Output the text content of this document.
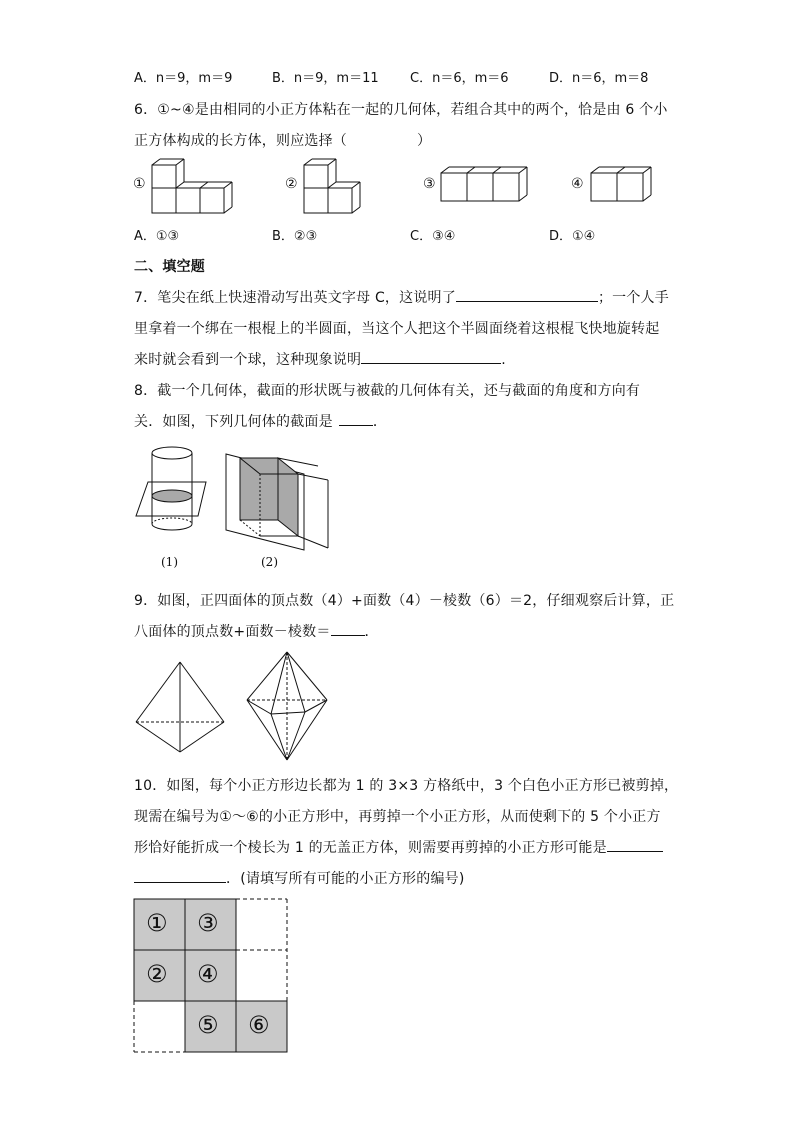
A．n＝9，m＝9	B．n＝9，m＝11 C．n＝6，m＝6	D．n＝6，m＝8
6．①~④是由相同的小正方体粘在一起的几何体，若组合其中的两个，恰是由 6 个小
正方体构成的长方体，则应选择（	）
①	②	③	④
A．①③	B．②③	C．③④	D．①④
二、填空题
7．笔尖在纸上快速滑动写出英文字母 C，这说明了	；一个人手
里拿着一个绑在一根棍上的半圆面，当这个人把这个半圆面绕着这根棍飞快地旋转起
来时就会看到一个球，这种现象说明	.
8．截一个几何体，截面的形状既与被截的几何体有关，还与截面的角度和方向有
关．如图，下列几何体的截面是	．
(1)	(2)
9．如图，正四面体的顶点数（4）+面数（4）－棱数（6）＝2，仔细观察后计算，正
八面体的顶点数+面数－棱数＝ ．
10．如图，每个小正方形边长都为 1 的 3×3 方格纸中，3 个白色小正方形已被剪掉，
现需在编号为①～⑥的小正方形中，再剪掉一个小正方形，从而使剩下的 5 个小正方
形恰好能折成一个棱长为 1 的无盖正方体，则需要再剪掉的小正方形可能是
．(请填写所有可能的小正方形的编号)
① ③
② ④
⑤ ⑥
